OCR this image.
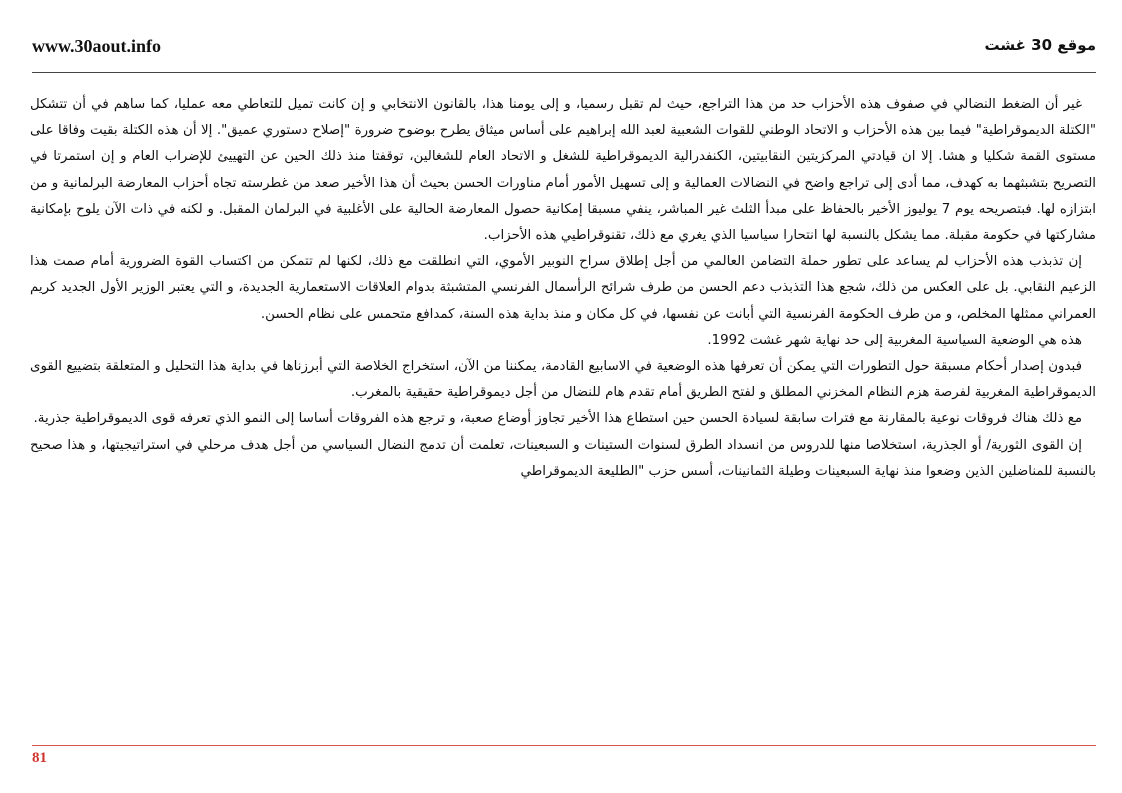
www.30aout.info	موقع 30 غشت

غير أن الضغط النضالي في صفوف هذه الأحزاب حد من هذا التراجع، حيث لم تقبل رسميا، و إلى يومنا هذا، بالقانون الانتخابي و إن كانت تميل للتعاطي معه عمليا، كما ساهم في أن تتشكل "الكتلة الديموقراطية" فيما بين هذه الأحزاب و الاتحاد الوطني للقوات الشعبية لعبد الله إبراهيم على أساس ميثاق يطرح بوضوح ضرورة "إصلاح دستوري عميق". إلا أن هذه الكتلة بقيت وفاقا على مستوى القمة شكليا و هشا. إلا ان قيادتي المركزيتين النقابيتين، الكنفدرالية الديموقراطية للشغل و الاتحاد العام للشغالين، توقفتا منذ ذلك الحين عن التهييئ للإضراب العام و إن استمرتا في التصريح بتشبثهما به كهدف، مما أدى إلى تراجع واضح في النضالات العمالية و إلى تسهيل الأمور أمام مناورات الحسن بحيث أن هذا الأخير صعد من غطرسته تجاه أحزاب المعارضة البرلمانية و من ابتزازه لها. فبتصريحه يوم 7 يوليوز الأخير بالحفاظ على مبدأ الثلث غير المباشر، ينفي مسبقا إمكانية حصول المعارضة الحالية على الأغلبية في البرلمان المقبل. و لكنه في ذات الآن يلوح بإمكانية مشاركتها في حكومة مقبلة. مما يشكل بالنسبة لها انتحارا سياسيا الذي يغري مع ذلك، تقنوقراطيي هذه الأحزاب.

إن تذبذب هذه الأحزاب لم يساعد على تطور حملة التضامن العالمي من أجل إطلاق سراح النوبير الأموي، التي انطلقت مع ذلك، لكنها لم تتمكن من اكتساب القوة الضرورية أمام صمت هذا الزعيم النقابي. بل على العكس من ذلك، شجع هذا التذبذب دعم الحسن من طرف شرائح الرأسمال الفرنسي المتشبثة بدوام العلاقات الاستعمارية الجديدة، و التي يعتبر الوزير الأول الجديد كريم العمراني ممثلها المخلص، و من طرف الحكومة الفرنسية التي أبانت عن نفسها، في كل مكان و منذ بداية هذه السنة، كمدافع متحمس على نظام الحسن.

هذه هي الوضعية السياسية المغربية إلى حد نهاية شهر غشت 1992.

فبدون إصدار أحكام مسبقة حول التطورات التي يمكن أن تعرفها هذه الوضعية في الاسابيع القادمة، يمكننا من الآن، استخراج الخلاصة التي أبرزناها في بداية هذا التحليل و المتعلقة بتضييع القوى الديموقراطية المغربية لفرصة هزم النظام المخزني المطلق و لفتح الطريق أمام تقدم هام للنضال من أجل ديموقراطية حقيقية بالمغرب.

مع ذلك هناك فروقات نوعية بالمقارنة مع فترات سابقة لسيادة الحسن حين استطاع هذا الأخير تجاوز أوضاع صعبة، و ترجع هذه الفروقات أساسا إلى النمو الذي تعرفه قوى الديموقراطية جذرية.

إن القوى الثورية/ أو الجذرية، استخلاصا منها للدروس من انسداد الطرق لسنوات الستينات و السبعينات، تعلمت أن تدمج النضال السياسي من أجل هدف مرحلي في استراتيجيتها، و هذا صحيح بالنسبة للمناضلين الذين وضعوا منذ نهاية السبعينات وطيلة الثمانينات، أسس حزب "الطليعة الديموقراطي

81
